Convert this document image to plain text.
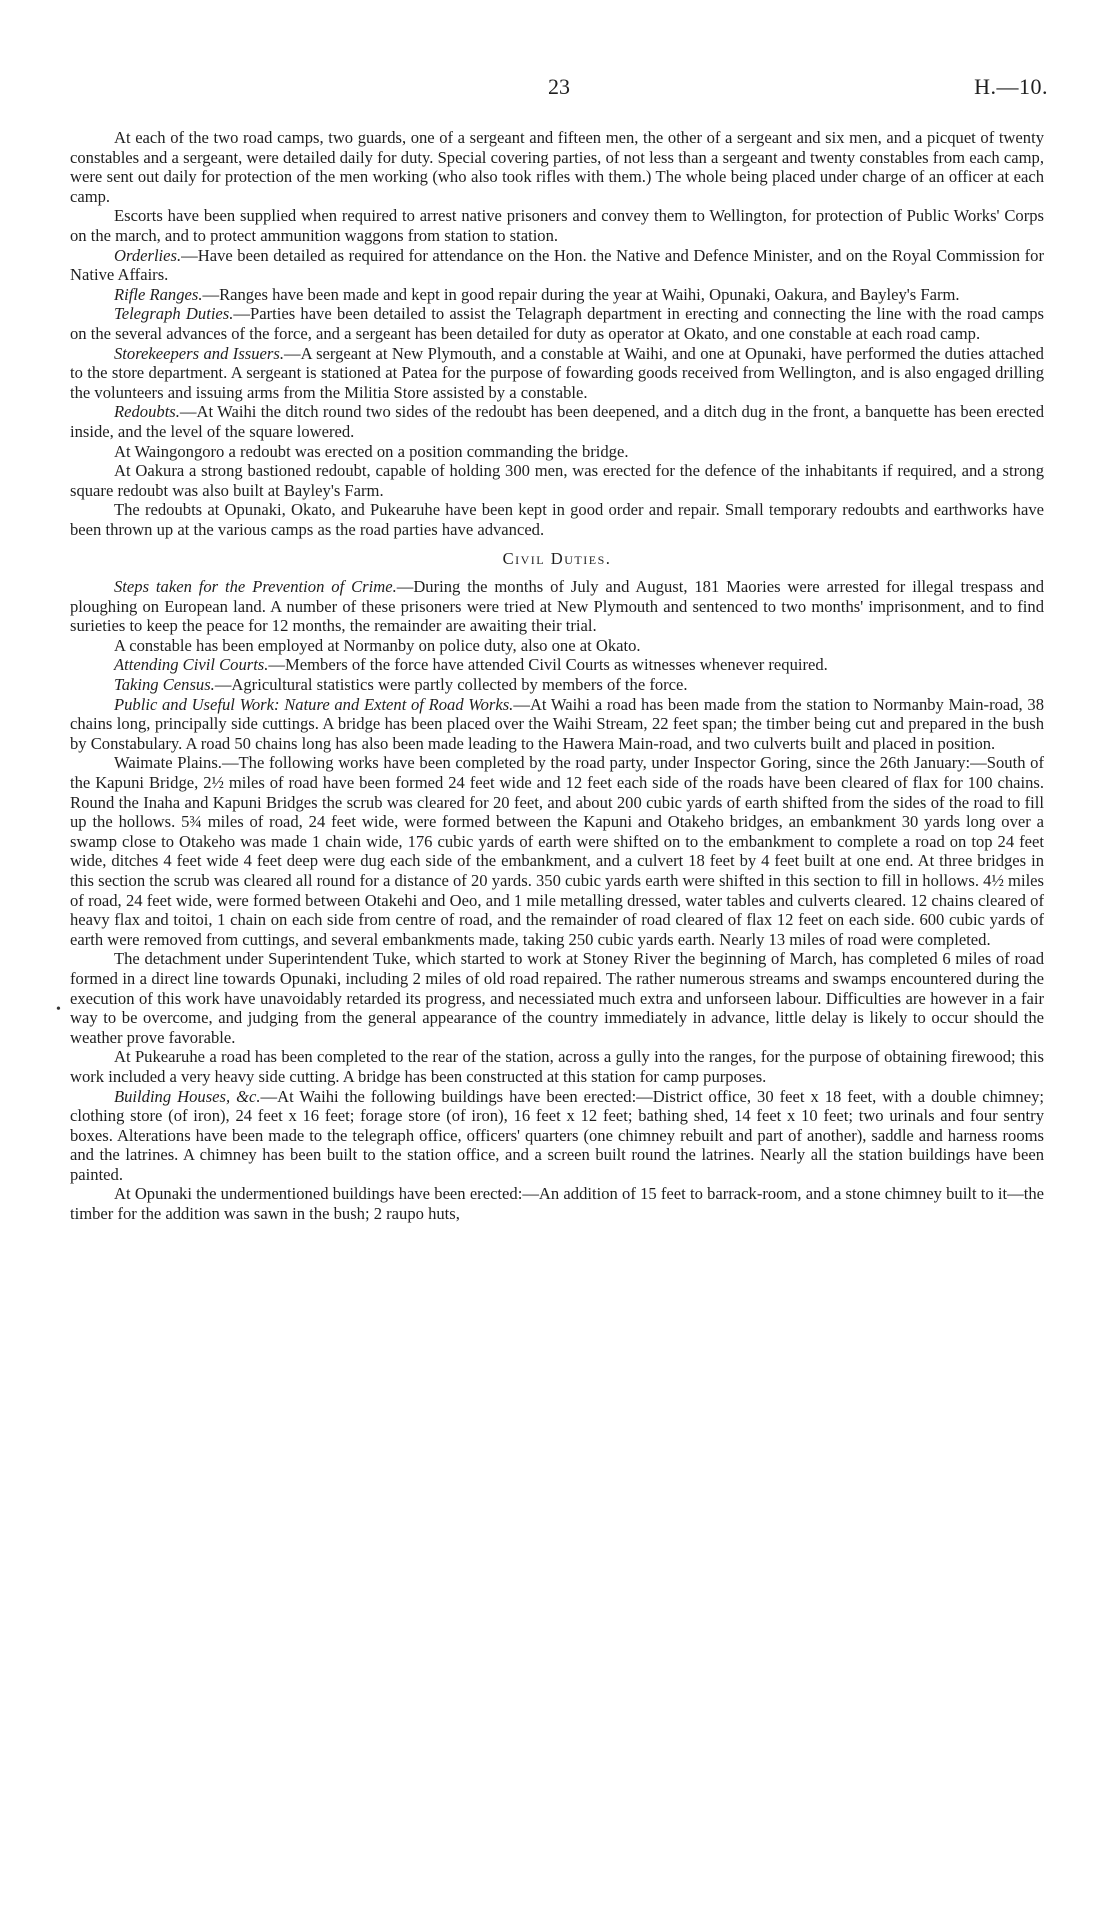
23	H.—10.
•

At each of the two road camps, two guards, one of a sergeant and fifteen men, the other of a sergeant and six men, and a picquet of twenty constables and a sergeant, were detailed daily for duty. Special covering parties, of not less than a sergeant and twenty constables from each camp, were sent out daily for protection of the men working (who also took rifles with them.) The whole being placed under charge of an officer at each camp.

Escorts have been supplied when required to arrest native prisoners and convey them to Wellington, for protection of Public Works' Corps on the march, and to protect ammunition waggons from station to station.

Orderlies.—Have been detailed as required for attendance on the Hon. the Native and Defence Minister, and on the Royal Commission for Native Affairs.

Rifle Ranges.—Ranges have been made and kept in good repair during the year at Waihi, Opunaki, Oakura, and Bayley's Farm.

Telegraph Duties.—Parties have been detailed to assist the Telagraph department in erecting and connecting the line with the road camps on the several advances of the force, and a sergeant has been detailed for duty as operator at Okato, and one constable at each road camp.

Storekeepers and Issuers.—A sergeant at New Plymouth, and a constable at Waihi, and one at Opunaki, have performed the duties attached to the store department. A sergeant is stationed at Patea for the purpose of fowarding goods received from Wellington, and is also engaged drilling the volunteers and issuing arms from the Militia Store assisted by a constable.

Redoubts.—At Waihi the ditch round two sides of the redoubt has been deepened, and a ditch dug in the front, a banquette has been erected inside, and the level of the square lowered.

At Waingongoro a redoubt was erected on a position commanding the bridge.

At Oakura a strong bastioned redoubt, capable of holding 300 men, was erected for the defence of the inhabitants if required, and a strong square redoubt was also built at Bayley's Farm.

The redoubts at Opunaki, Okato, and Pukearuhe have been kept in good order and repair. Small temporary redoubts and earthworks have been thrown up at the various camps as the road parties have advanced.

Civil Duties.

Steps taken for the Prevention of Crime.—During the months of July and August, 181 Maories were arrested for illegal trespass and ploughing on European land. A number of these prisoners were tried at New Plymouth and sentenced to two months' imprisonment, and to find surieties to keep the peace for 12 months, the remainder are awaiting their trial.

A constable has been employed at Normanby on police duty, also one at Okato.

Attending Civil Courts.—Members of the force have attended Civil Courts as witnesses whenever required.

Taking Census.—Agricultural statistics were partly collected by members of the force.

Public and Useful Work: Nature and Extent of Road Works.—At Waihi a road has been made from the station to Normanby Main-road, 38 chains long, principally side cuttings. A bridge has been placed over the Waihi Stream, 22 feet span; the timber being cut and prepared in the bush by Constabulary. A road 50 chains long has also been made leading to the Hawera Main-road, and two culverts built and placed in position.

Waimate Plains.—The following works have been completed by the road party, under Inspector Goring, since the 26th January:—South of the Kapuni Bridge, 2½ miles of road have been formed 24 feet wide and 12 feet each side of the roads have been cleared of flax for 100 chains. Round the Inaha and Kapuni Bridges the scrub was cleared for 20 feet, and about 200 cubic yards of earth shifted from the sides of the road to fill up the hollows. 5¾ miles of road, 24 feet wide, were formed between the Kapuni and Otakeho bridges, an embankment 30 yards long over a swamp close to Otakeho was made 1 chain wide, 176 cubic yards of earth were shifted on to the embankment to complete a road on top 24 feet wide, ditches 4 feet wide 4 feet deep were dug each side of the embankment, and a culvert 18 feet by 4 feet built at one end. At three bridges in this section the scrub was cleared all round for a distance of 20 yards. 350 cubic yards earth were shifted in this section to fill in hollows. 4½ miles of road, 24 feet wide, were formed between Otakehi and Oeo, and 1 mile metalling dressed, water tables and culverts cleared. 12 chains cleared of heavy flax and toitoi, 1 chain on each side from centre of road, and the remainder of road cleared of flax 12 feet on each side. 600 cubic yards of earth were removed from cuttings, and several embankments made, taking 250 cubic yards earth. Nearly 13 miles of road were completed.

The detachment under Superintendent Tuke, which started to work at Stoney River the beginning of March, has completed 6 miles of road formed in a direct line towards Opunaki, including 2 miles of old road repaired. The rather numerous streams and swamps encountered during the execution of this work have unavoidably retarded its progress, and necessiated much extra and unforseen labour. Difficulties are however in a fair way to be overcome, and judging from the general appearance of the country immediately in advance, little delay is likely to occur should the weather prove favorable.

At Pukearuhe a road has been completed to the rear of the station, across a gully into the ranges, for the purpose of obtaining firewood; this work included a very heavy side cutting. A bridge has been constructed at this station for camp purposes.

Building Houses, &c.—At Waihi the following buildings have been erected:—District office, 30 feet x 18 feet, with a double chimney; clothing store (of iron), 24 feet x 16 feet; forage store (of iron), 16 feet x 12 feet; bathing shed, 14 feet x 10 feet; two urinals and four sentry boxes. Alterations have been made to the telegraph office, officers' quarters (one chimney rebuilt and part of another), saddle and harness rooms and the latrines. A chimney has been built to the station office, and a screen built round the latrines. Nearly all the station buildings have been painted.

At Opunaki the undermentioned buildings have been erected:—An addition of 15 feet to barrack-room, and a stone chimney built to it—the timber for the addition was sawn in the bush; 2 raupo huts,
